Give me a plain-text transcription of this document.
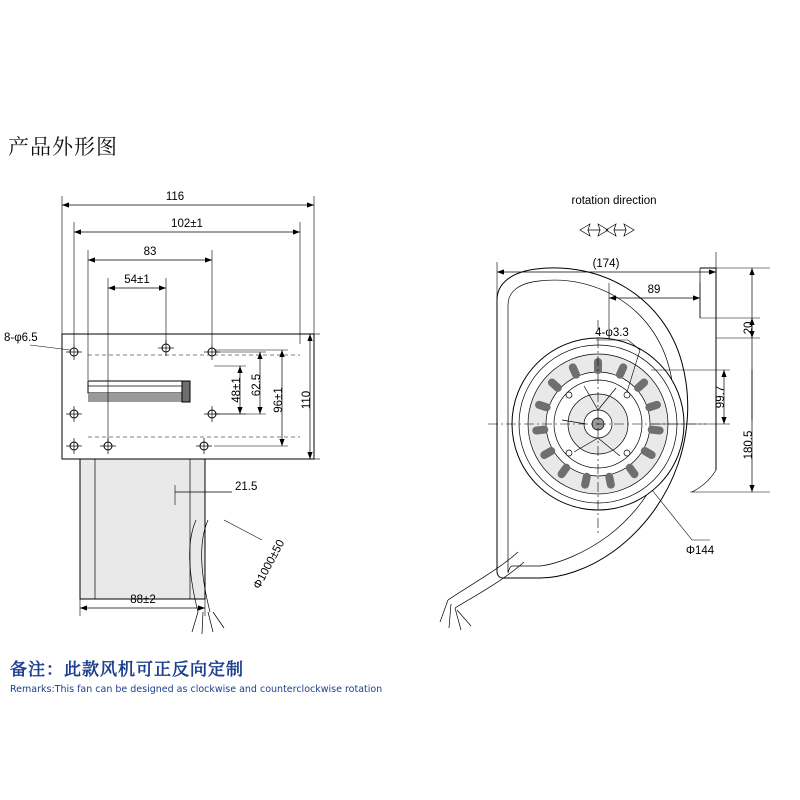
产品外形图
备注：此款风机可正反向定制
Remarks:This fan can be designed as clockwise and counterclockwise rotation
8-φ6.5
116
102±1
83
54±1
48±1 62.5
96±1 110
21.5
88±2
Φ1000±50
rotation direction
(174)
89
20
4-φ3.3
99.7
180.5
Φ144
